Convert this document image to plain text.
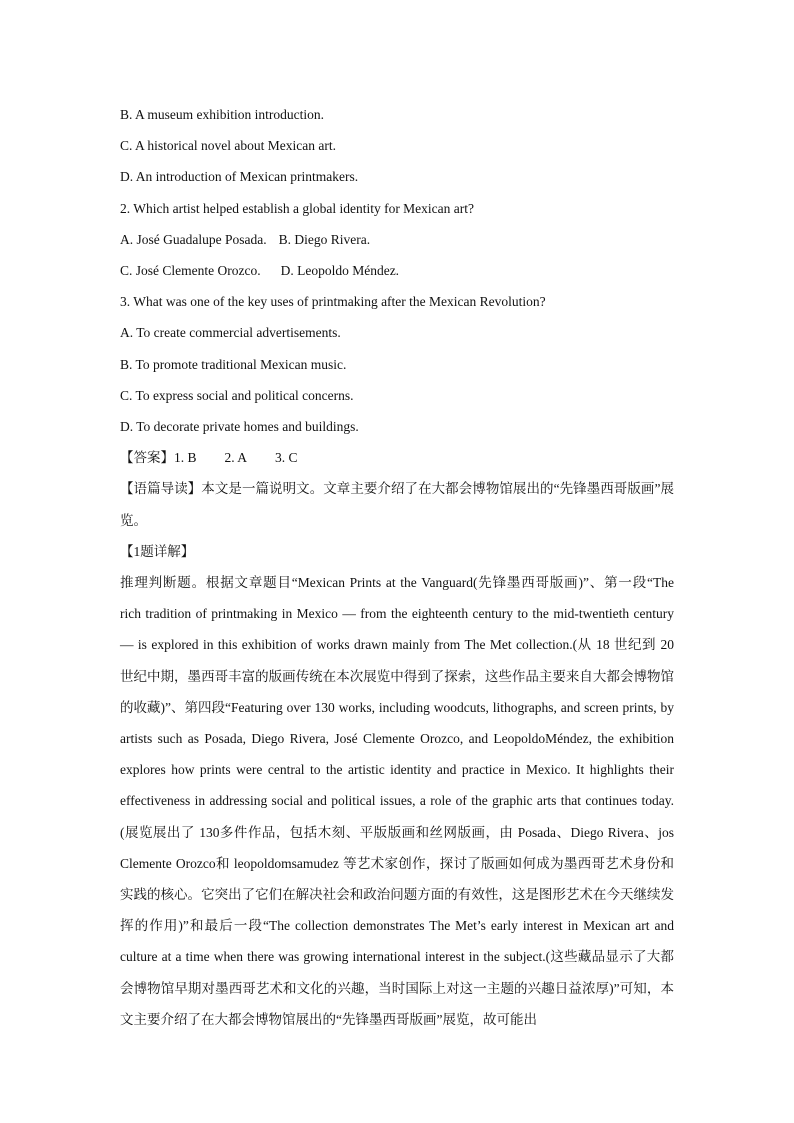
B. A museum exhibition introduction.
C. A historical novel about Mexican art.
D. An introduction of Mexican printmakers.
2. Which artist helped establish a global identity for Mexican art?
A. José Guadalupe Posada. B. Diego Rivera.
C. José Clemente Orozco. D. Leopoldo Méndez.
3. What was one of the key uses of printmaking after the Mexican Revolution?
A. To create commercial advertisements.
B. To promote traditional Mexican music.
C. To express social and political concerns.
D. To decorate private homes and buildings.
【答案】1. B 2. A 3. C
【语篇导读】本文是一篇说明文。文章主要介绍了在大都会博物馆展出的“先锋墨西哥版画”展览。
【1题详解】
推理判断题。根据文章题目“Mexican Prints at the Vanguard(先锋墨西哥版画)”、第一段“The rich tradition of printmaking in Mexico — from the eighteenth century to the mid-twentieth century — is explored in this exhibition of works drawn mainly from The Met collection.(从 18 世纪到 20 世纪中期，墨西哥丰富的版画传统在本次展览中得到了探索，这些作品主要来自大都会博物馆的收藏)”、第四段“Featuring over 130 works, including woodcuts, lithographs, and screen prints, by artists such as Posada, Diego Rivera, José Clemente Orozco, and LeopoldoMéndez, the exhibition explores how prints were central to the artistic identity and practice in Mexico. It highlights their effectiveness in addressing social and political issues, a role of the graphic arts that continues today.(展览展出了 130多件作品，包括木刻、平版版画和丝网版画，由 Posada、Diego Rivera、jos Clemente Orozco和 leopoldomsamudez 等艺术家创作，探讨了版画如何成为墨西哥艺术身份和实践的核心。它突出了它们在解决社会和政治问题方面的有效性，这是图形艺术在今天继续发挥的作用)”和最后一段“The collection demonstrates The Met’s early interest in Mexican art and culture at a time when there was growing international interest in the subject.(这些藏品显示了大都会博物馆早期对墨西哥艺术和文化的兴趣，当时国际上对这一主题的兴趣日益浓厚)”可知，本文主要介绍了在大都会博物馆展出的“先锋墨西哥版画”展览，故可能出
